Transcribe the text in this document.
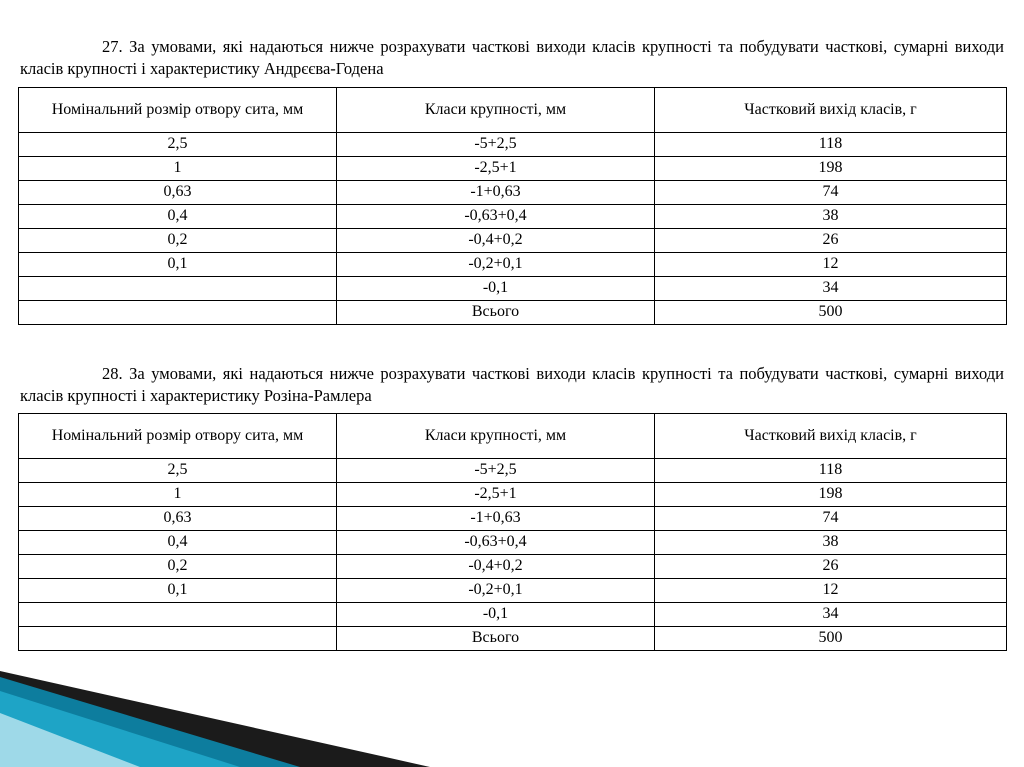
27. За умовами, які надаються нижче розрахувати часткові виходи класів крупності та побудувати часткові, сумарні виходи класів крупності і характеристику Андрєєва-Годена

Номінальний розмір отвору сита, мм	Класи крупності, мм	Частковий вихід класів, г
2,5	-5+2,5	118
1	-2,5+1	198
0,63	-1+0,63	74
0,4	-0,63+0,4	38
0,2	-0,4+0,2	26
0,1	-0,2+0,1	12
	-0,1	34
	Всього	500

28. За умовами, які надаються нижче розрахувати часткові виходи класів крупності та побудувати часткові, сумарні виходи класів крупності і характеристику Розіна-Рамлера

Номінальний розмір отвору сита, мм	Класи крупності, мм	Частковий вихід класів, г
2,5	-5+2,5	118
1	-2,5+1	198
0,63	-1+0,63	74
0,4	-0,63+0,4	38
0,2	-0,4+0,2	26
0,1	-0,2+0,1	12
	-0,1	34
	Всього	500
